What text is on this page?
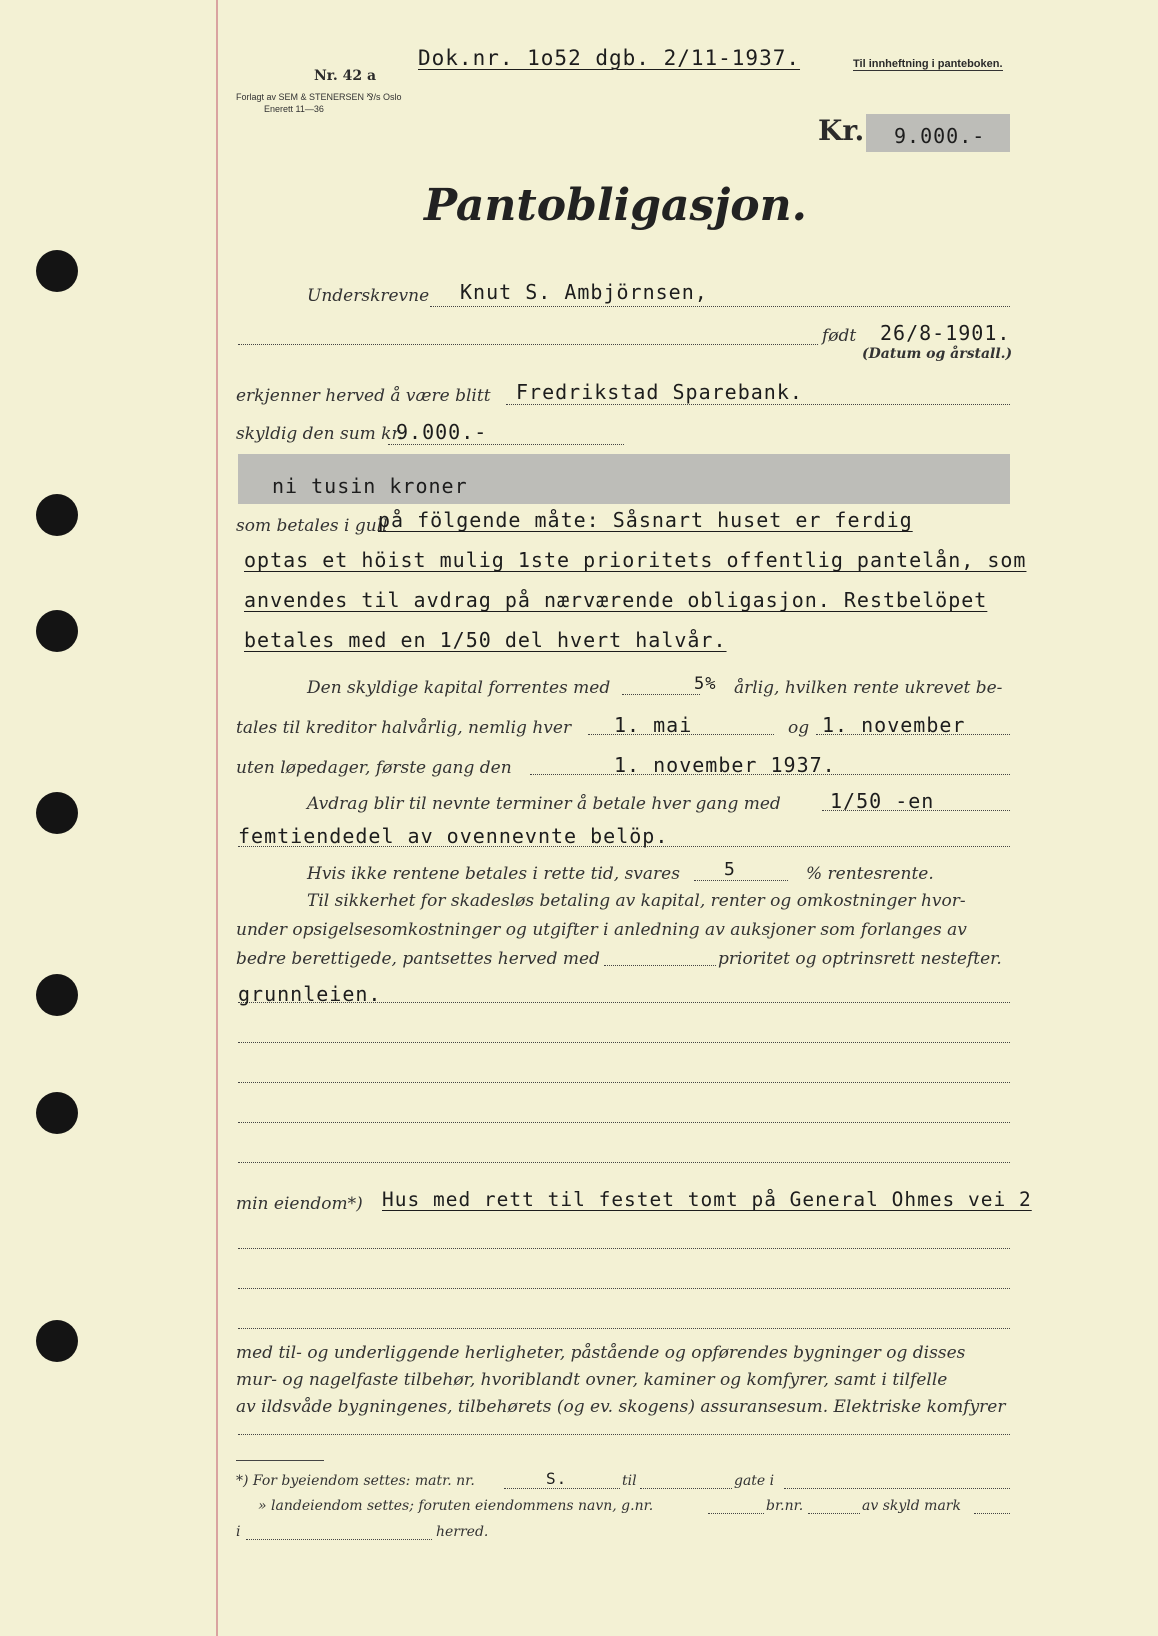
Nr. 42 a
Forlagt av SEM & STENERSEN ⅋/s Oslo
Enerett 11—36
Dok.nr. 1o52 dgb. 2/11-1937.	Til innheftning i panteboken.
Kr. 9.000.-
Pantobligasjon.
Underskrevne Knut S. Ambjörnsen,
født 26/8-1901.
(Datum og årstall.)
erkjenner herved å være blitt Fredrikstad Sparebank.
skyldig den sum kr.
9.000.-
ni tusin kroner
som betales i gull
på fölgende måte: Såsnart huset er ferdig
optas et höist mulig 1ste prioritets offentlig pantelån, som
anvendes til avdrag på nærværende obligasjon. Restbelöpet
betales med en 1/50 del hvert halvår.
Den skyldige kapital forrentes med	5% årlig, hvilken rente ukrevet be-
tales til kreditor halvårlig, nemlig hver 1. mai	og 1. november
uten løpedager, første gang den	1. november 1937.
Avdrag blir til nevnte terminer å betale hver gang med 1/50 -en
femtiendedel av ovennevnte belöp.
Hvis ikke rentene betales i rette tid, svares 5	% rentesrente.
Til sikkerhet for skadesløs betaling av kapital, renter og omkostninger hvor-
under opsigelsesomkostninger og utgifter i anledning av auksjoner som forlanges av
bedre berettigede, pantsettes herved med	prioritet og optrinsrett nestefter.
grunnleien.
min eiendom*) Hus med rett til festet tomt på General Ohmes vei 2
med til- og underliggende herligheter, påstående og opførendes bygninger og disses
mur- og nagelfaste tilbehør, hvoriblandt ovner, kaminer og komfyrer, samt i tilfelle
av ildsvåde bygningenes, tilbehørets (og ev. skogens) assuransesum. Elektriske komfyrer
*) For byeiendom settes: matr. nr.	S.	til	gate i
» landeiendom settes; foruten eiendommens navn, g.nr.	br.nr.	av skyld mark
i	herred.
